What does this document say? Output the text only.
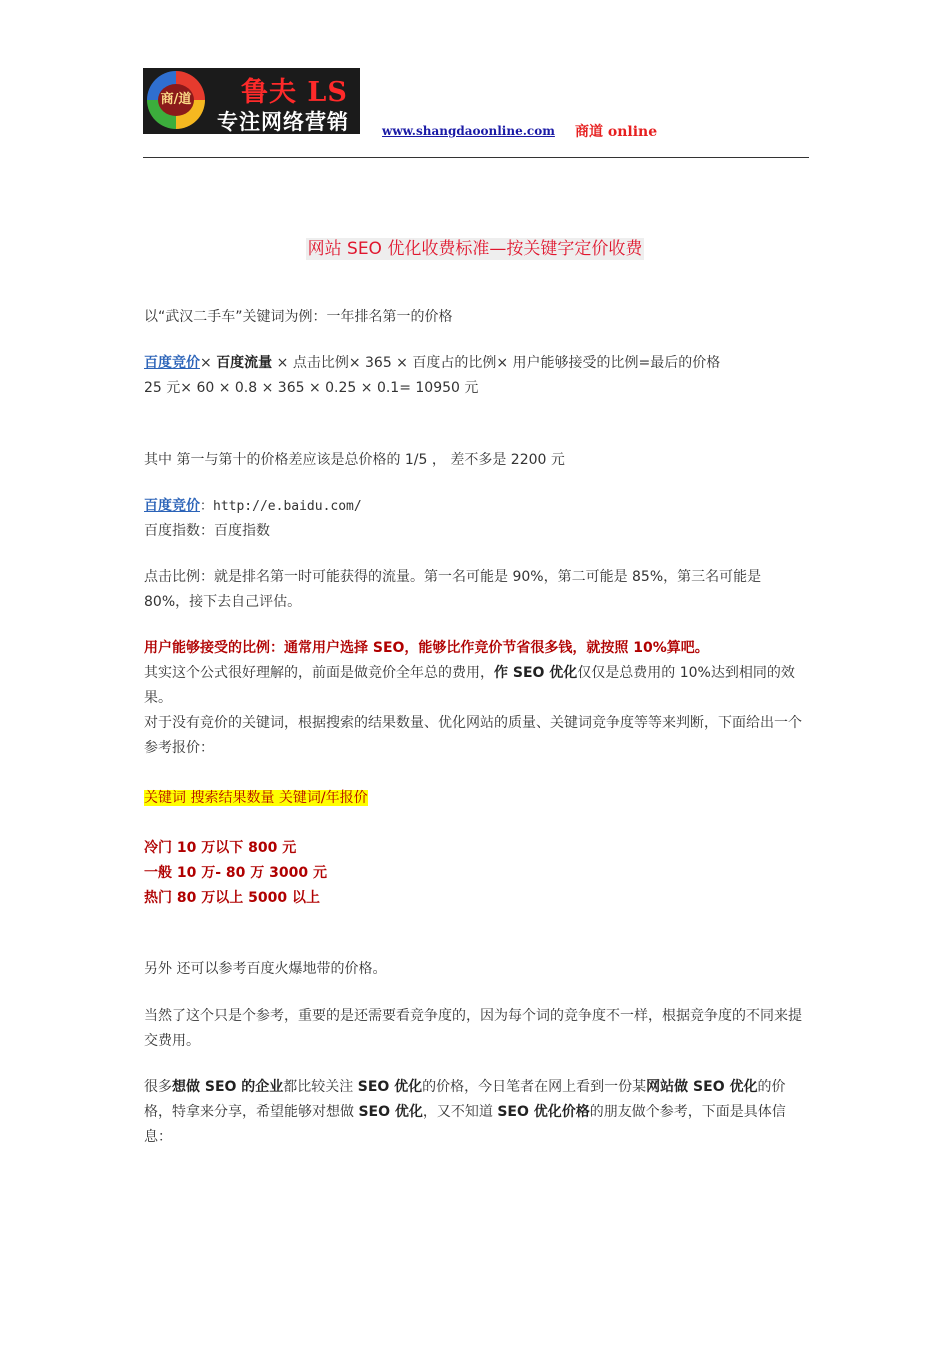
商/道 鲁夫 LS
专注网络营销	www.shangdaoonline.com 商道 online
网站 SEO 优化收费标准—按关键字定价收费

以“武汉二手车”关键词为例：一年排名第一的价格

百度竞价× 百度流量 × 点击比例× 365 × 百度占的比例× 用户能够接受的比例=最后的价格
25 元× 60 × 0.8 × 365 × 0.25 × 0.1= 10950 元

其中 第一与第十的价格差应该是总价格的 1/5 ， 差不多是 2200 元

百度竞价：http://e.baidu.com/
百度指数：百度指数

点击比例：就是排名第一时可能获得的流量。第一名可能是 90%，第二可能是 85%，第三名可能是 80%，接下去自己评估。

用户能够接受的比例：通常用户选择 SEO，能够比作竞价节省很多钱，就按照 10%算吧。
其实这个公式很好理解的，前面是做竞价全年总的费用，作 SEO 优化仅仅是总费用的 10%达到相同的效果。
对于没有竞价的关键词，根据搜索的结果数量、优化网站的质量、关键词竞争度等等来判断，下面给出一个参考报价：

关键词 搜索结果数量 关键词/年报价

冷门 10 万以下 800 元
一般 10 万- 80 万 3000 元
热门 80 万以上 5000 以上

另外 还可以参考百度火爆地带的价格。

当然了这个只是个参考，重要的是还需要看竞争度的，因为每个词的竞争度不一样，根据竞争度的不同来提交费用。

很多想做 SEO 的企业都比较关注 SEO 优化的价格，今日笔者在网上看到一份某网站做 SEO 优化的价格，特拿来分享，希望能够对想做 SEO 优化，又不知道 SEO 优化价格的朋友做个参考，下面是具体信息：
